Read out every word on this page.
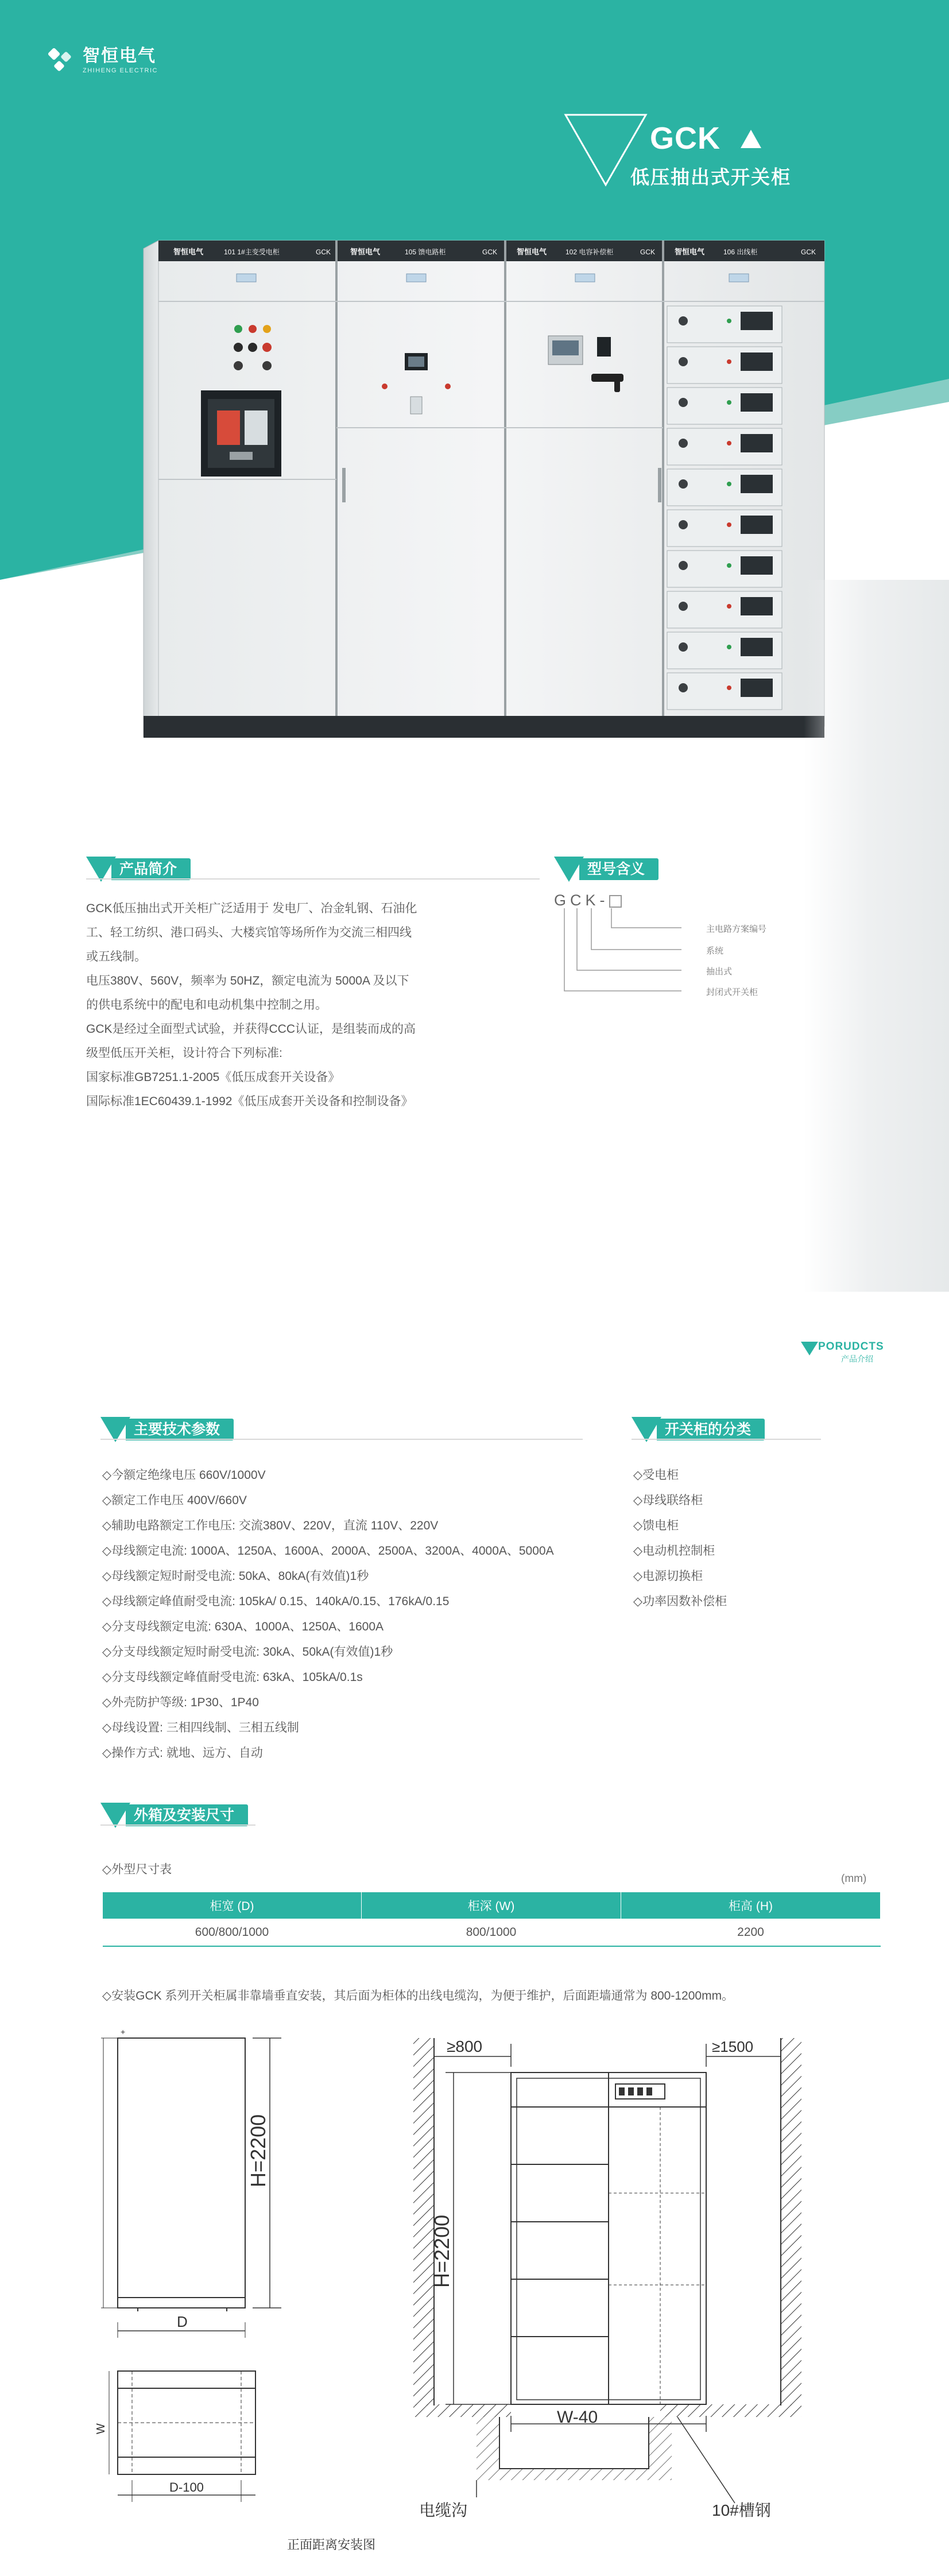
智恒电气
ZHIHENG ELECTRIC
GCK
低压抽出式开关柜
智恒电气	101 1#主变受电柜	GCK	智恒电气	105 馈电路柜	GCK	智恒电气	102 电容补偿柜	GCK	智恒电气	106 出线柜	GCK
产品简介
GCK低压抽出式开关柜广泛适用于 发电厂、冶金轧钢、石油化
工、轻工纺织、港口码头、大楼宾馆等场所作为交流三相四线
或五线制。
电压380V、560V，频率为 50HZ，额定电流为 5000A 及以下
的供电系统中的配电和电动机集中控制之用。
GCK是经过全面型式试验，并获得CCC认证，是组装而成的高
级型低压开关柜，设计符合下列标准:
国家标准GB7251.1-2005《低压成套开关设备》
国际标准1EC60439.1-1992《低压成套开关设备和控制设备》
型号含义
GCK-
主电路方案编号
系统
抽出式
封闭式开关柜
PORUDCTS
产品介绍
主要技术参数

◇今额定绝缘电压 660V/1000V

◇额定工作电压 400V/660V

◇辅助电路额定工作电压: 交流380V、220V，直流 110V、220V

◇母线额定电流: 1000A、1250A、1600A、2000A、2500A、3200A、4000A、5000A

◇母线额定短时耐受电流: 50kA、80kA(有效值)1秒

◇母线额定峰值耐受电流: 105kA/ 0.15、140kA/0.15、176kA/0.15

◇分支母线额定电流: 630A、1000A、1250A、1600A

◇分支母线额定短时耐受电流: 30kA、50kA(有效值)1秒

◇分支母线额定峰值耐受电流: 63kA、105kA/0.1s

◇外壳防护等级: 1P30、1P40

◇母线设置: 三相四线制、三相五线制

◇操作方式: 就地、远方、自动

开关柜的分类

◇受电柜

◇母线联络柜

◇馈电柜

◇电动机控制柜

◇电源切换柜

◇功率因数补偿柜

外箱及安装尺寸
◇外型尺寸表
(mm)
柜宽 (D)	柜深 (W)	柜高 (H)
600/800/1000	800/1000	2200
◇安装GCK 系列开关柜属非靠墙垂直安装，其后面为柜体的出线电缆沟，为便于维护，后面距墙通常为 800-1200mm。
+
H=2200
D
W
D-100
正面距离安装图
≥800	≥1500
H=2200
W-40
电缆沟	10#槽钢
